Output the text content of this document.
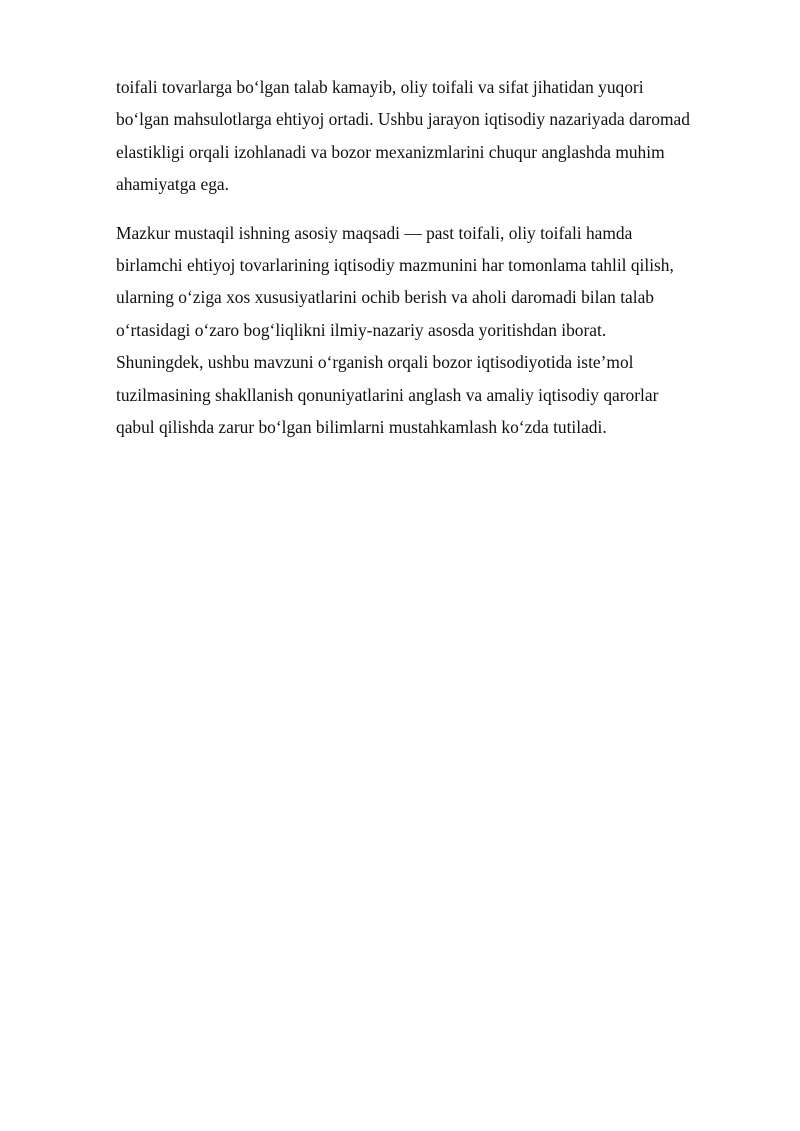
toifali tovarlarga bo‘lgan talab kamayib, oliy toifali va sifat jihatidan yuqori
bo‘lgan mahsulotlarga ehtiyoj ortadi. Ushbu jarayon iqtisodiy nazariyada daromad
elastikligi orqali izohlanadi va bozor mexanizmlarini chuqur anglashda muhim
ahamiyatga ega.

Mazkur mustaqil ishning asosiy maqsadi — past toifali, oliy toifali hamda
birlamchi ehtiyoj tovarlarining iqtisodiy mazmunini har tomonlama tahlil qilish,
ularning o‘ziga xos xususiyatlarini ochib berish va aholi daromadi bilan talab
o‘rtasidagi o‘zaro bog‘liqlikni ilmiy-nazariy asosda yoritishdan iborat.
Shuningdek, ushbu mavzuni o‘rganish orqali bozor iqtisodiyotida iste’mol
tuzilmasining shakllanish qonuniyatlarini anglash va amaliy iqtisodiy qarorlar
qabul qilishda zarur bo‘lgan bilimlarni mustahkamlash ko‘zda tutiladi.
